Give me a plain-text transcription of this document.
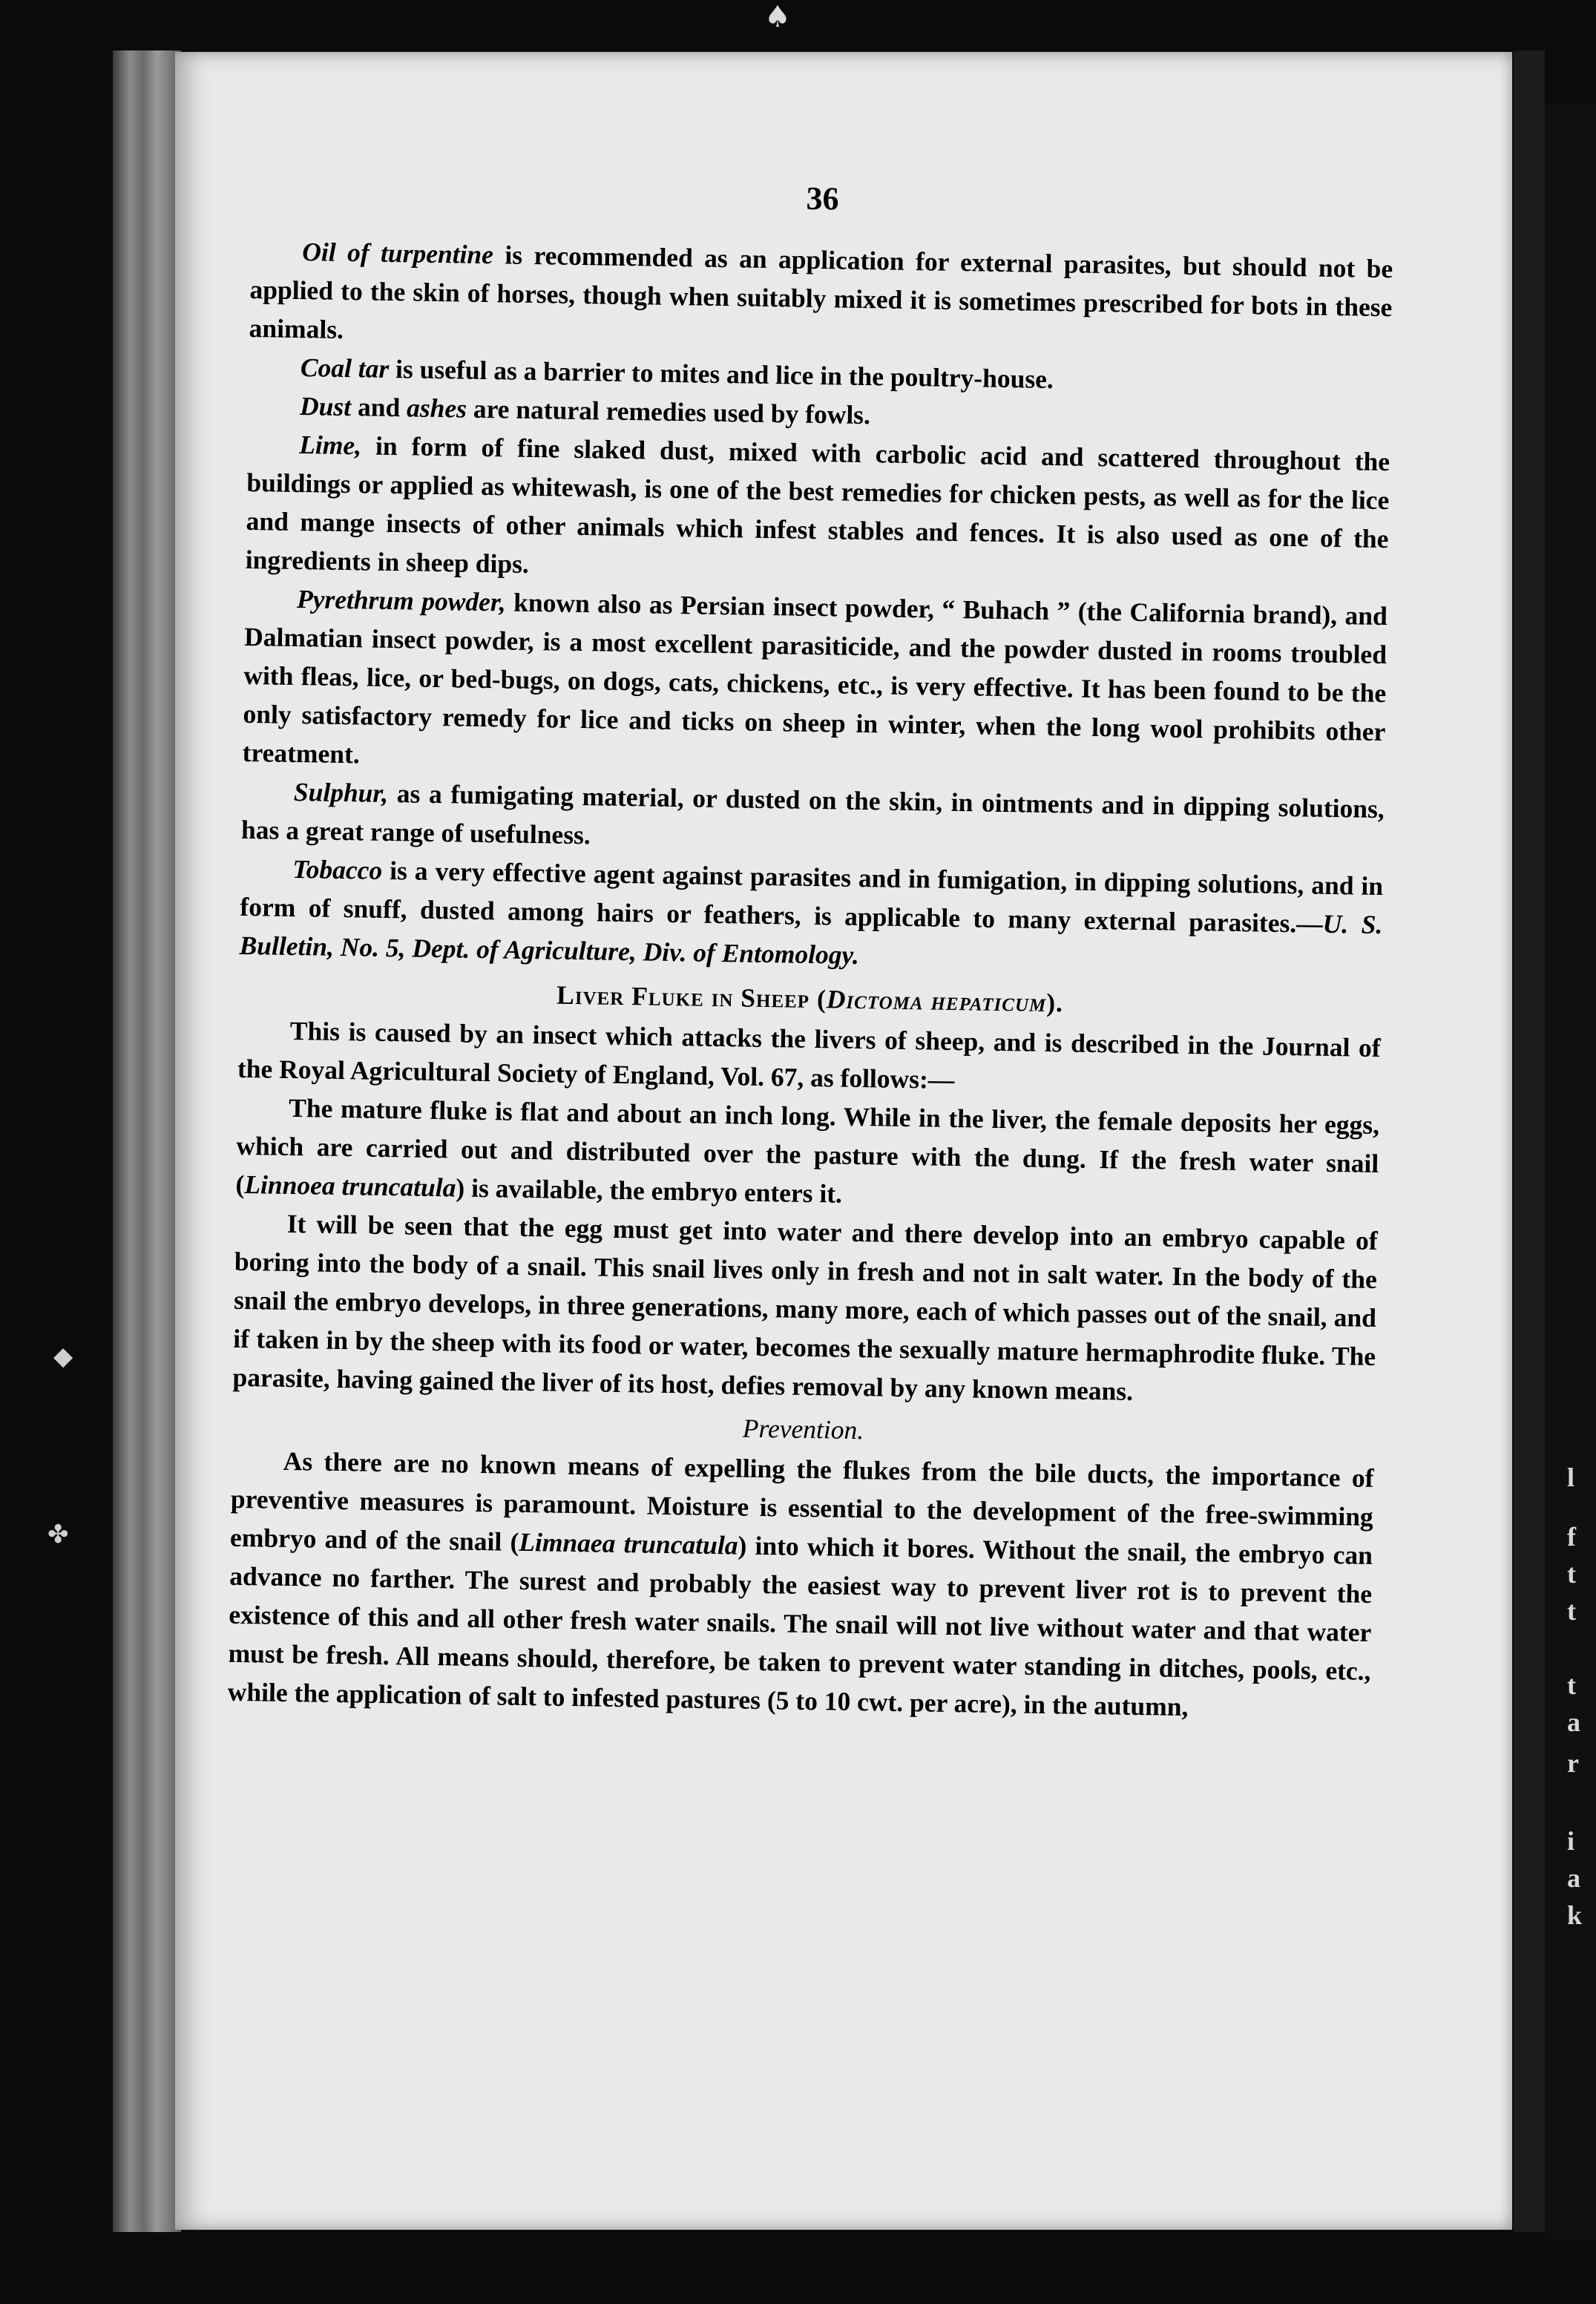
◆
✤
♠
l
f
t
t
t
a
r
i
a
k
36

Oil of turpentine is recommended as an application for external parasites, but should not be applied to the skin of horses, though when suitably mixed it is sometimes prescribed for bots in these animals.

Coal tar is useful as a barrier to mites and lice in the poultry-house.

Dust and ashes are natural remedies used by fowls.

Lime, in form of fine slaked dust, mixed with carbolic acid and scattered throughout the buildings or applied as whitewash, is one of the best remedies for chicken pests, as well as for the lice and mange insects of other animals which infest stables and fences. It is also used as one of the ingredients in sheep dips.

Pyrethrum powder, known also as Persian insect powder, “ Buhach ” (the California brand), and Dalmatian insect powder, is a most excellent parasiticide, and the powder dusted in rooms troubled with fleas, lice, or bed-bugs, on dogs, cats, chickens, etc., is very effective. It has been found to be the only satisfactory remedy for lice and ticks on sheep in winter, when the long wool prohibits other treatment.

Sulphur, as a fumigating material, or dusted on the skin, in ointments and in dipping solutions, has a great range of usefulness.

Tobacco is a very effective agent against parasites and in fumigation, in dipping solutions, and in form of snuff, dusted among hairs or feathers, is applicable to many external parasites.—U. S. Bulletin, No. 5, Dept. of Agriculture, Div. of Entomology.

Liver Fluke in Sheep (Dictoma hepaticum).

This is caused by an insect which attacks the livers of sheep, and is described in the Journal of the Royal Agricultural Society of England, Vol. 67, as follows:—

The mature fluke is flat and about an inch long. While in the liver, the female deposits her eggs, which are carried out and distributed over the pasture with the dung. If the fresh water snail (Linnoea truncatula) is available, the embryo enters it.

It will be seen that the egg must get into water and there develop into an embryo capable of boring into the body of a snail. This snail lives only in fresh and not in salt water. In the body of the snail the embryo develops, in three generations, many more, each of which passes out of the snail, and if taken in by the sheep with its food or water, becomes the sexually mature hermaphrodite fluke. The parasite, having gained the liver of its host, defies removal by any known means.

Prevention.

As there are no known means of expelling the flukes from the bile ducts, the importance of preventive measures is paramount. Moisture is essential to the development of the free-swimming embryo and of the snail (Limnaea truncatula) into which it bores. Without the snail, the embryo can advance no farther. The surest and probably the easiest way to prevent liver rot is to prevent the existence of this and all other fresh water snails. The snail will not live without water and that water must be fresh. All means should, therefore, be taken to prevent water standing in ditches, pools, etc., while the application of salt to infested pastures (5 to 10 cwt. per acre), in the autumn,
